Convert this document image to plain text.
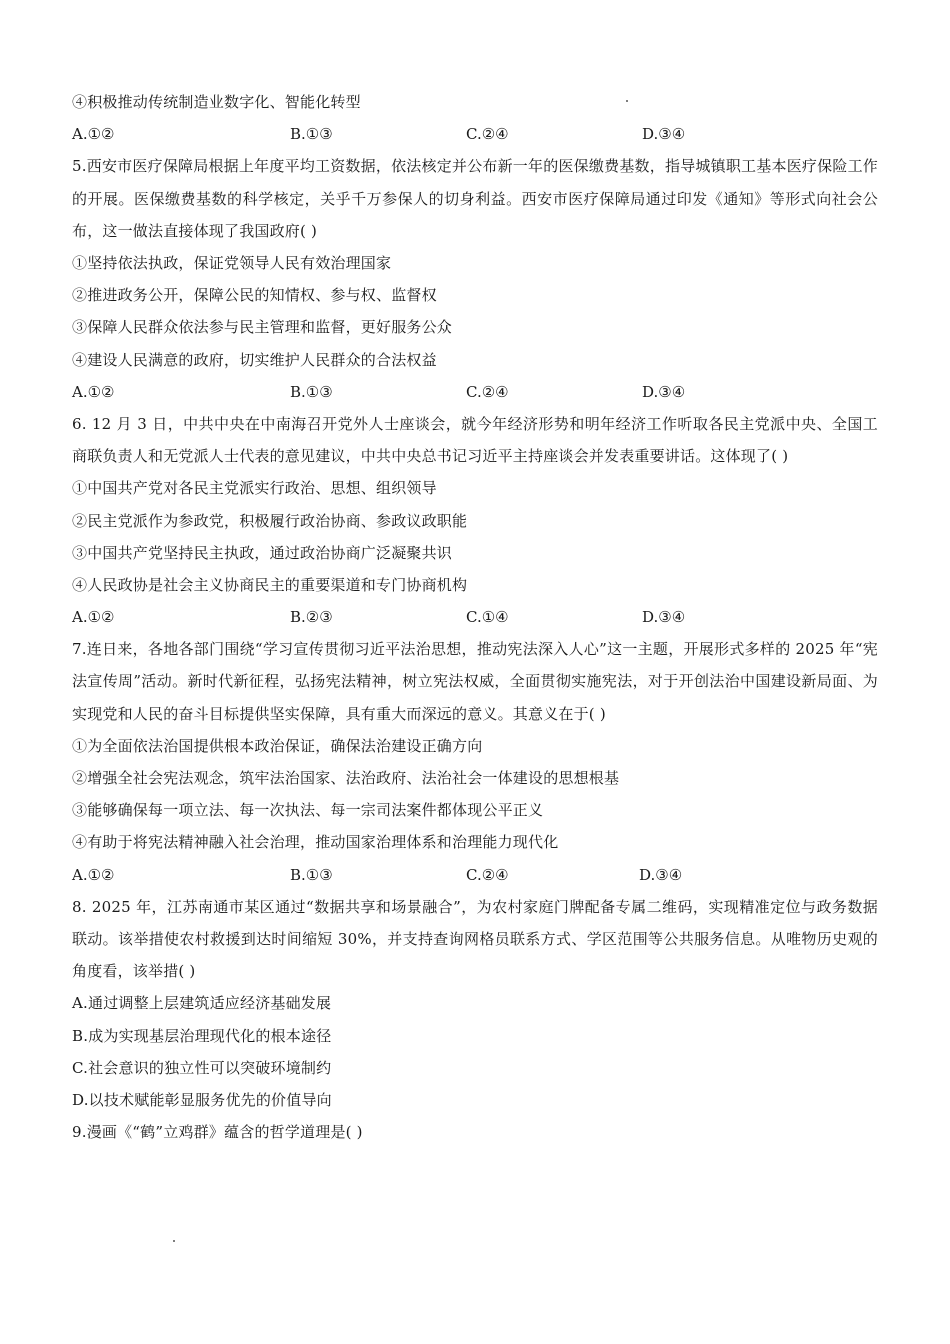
④积极推动传统制造业数字化、智能化转型
A.①②	B.①③	C.②④	D.③④
5.西安市医疗保障局根据上年度平均工资数据，依法核定并公布新一年的医保缴费基数，指导城镇职工基本医疗保险工作的开展。医保缴费基数的科学核定，关乎千万参保人的切身利益。西安市医疗保障局通过印发《通知》等形式向社会公布，这一做法直接体现了我国政府( )
①坚持依法执政，保证党领导人民有效治理国家
②推进政务公开，保障公民的知情权、参与权、监督权
③保障人民群众依法参与民主管理和监督，更好服务公众
④建设人民满意的政府，切实维护人民群众的合法权益
A.①②	B.①③	C.②④	D.③④
6. 12 月 3 日，中共中央在中南海召开党外人士座谈会，就今年经济形势和明年经济工作听取各民主党派中央、全国工商联负责人和无党派人士代表的意见建议，中共中央总书记习近平主持座谈会并发表重要讲话。这体现了( )
①中国共产党对各民主党派实行政治、思想、组织领导
②民主党派作为参政党，积极履行政治协商、参政议政职能
③中国共产党坚持民主执政，通过政治协商广泛凝聚共识
④人民政协是社会主义协商民主的重要渠道和专门协商机构
A.①②	B.②③	C.①④	D.③④
7.连日来，各地各部门围绕“学习宣传贯彻习近平法治思想，推动宪法深入人心”这一主题，开展形式多样的 2025 年“宪法宣传周”活动。新时代新征程，弘扬宪法精神，树立宪法权威，全面贯彻实施宪法，对于开创法治中国建设新局面、为实现党和人民的奋斗目标提供坚实保障，具有重大而深远的意义。其意义在于( )
①为全面依法治国提供根本政治保证，确保法治建设正确方向
②增强全社会宪法观念，筑牢法治国家、法治政府、法治社会一体建设的思想根基
③能够确保每一项立法、每一次执法、每一宗司法案件都体现公平正义
④有助于将宪法精神融入社会治理，推动国家治理体系和治理能力现代化
A.①②	B.①③	C.②④	D.③④
8. 2025 年，江苏南通市某区通过“数据共享和场景融合”，为农村家庭门牌配备专属二维码，实现精准定位与政务数据联动。该举措使农村救援到达时间缩短 30%，并支持查询网格员联系方式、学区范围等公共服务信息。从唯物历史观的角度看，该举措( )
A.通过调整上层建筑适应经济基础发展
B.成为实现基层治理现代化的根本途径
C.社会意识的独立性可以突破环境制约
D.以技术赋能彰显服务优先的价值导向
9.漫画《“鹤”立鸡群》蕴含的哲学道理是( )
